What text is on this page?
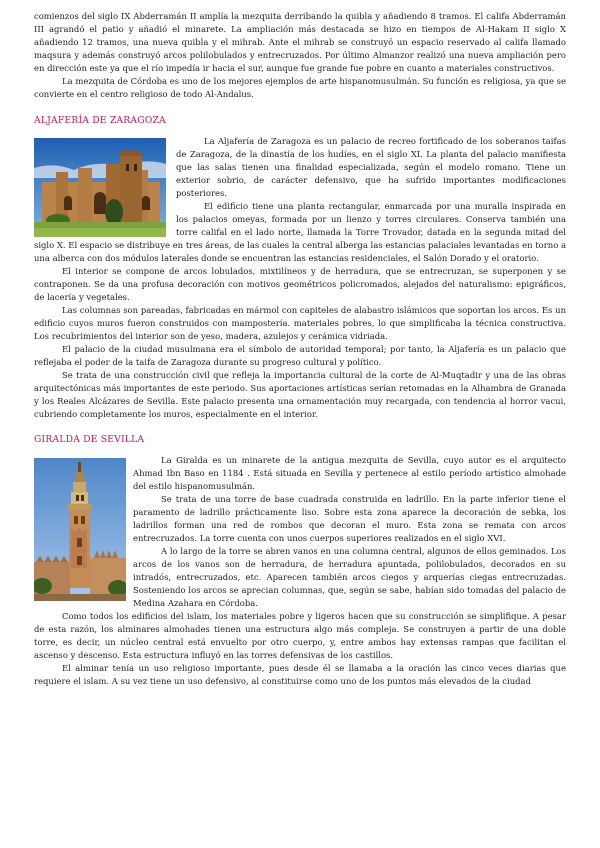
comienzos del siglo IX Abderramán II amplía la mezquita derribando la quibla y añadiendo 8 tramos. El califa Abderramán III agrandó el patio y añadió el minarete. La ampliación más destacada se hizo en tiempos de Al-Hakam II siglo X añadiendo 12 tramos, una nueva quibla y el mihrab. Ante el mihrab se construyó un espacio reservado al califa llamado maqsura y además construyó arcos polilobulados y entrecruzados. Por último Almanzor realizó una nueva ampliación pero en dirección este ya que el río impedía ir hacia el sur, aunque fue grande fue pobre en cuanto a materiales constructivos.

La mezquita de Córdoba es uno de los mejores ejemplos de arte hispanomusulmán. Su función es religiosa, ya que se convierte en el centro religioso de todo Al-Andalus.

ALJAFERÍA DE ZARAGOZA

La Aljafería de Zaragoza es un palacio de recreo fortificado de los soberanos taifas de Zaragoza, de la dinastía de los hudíes, en el siglo XI. La planta del palacio manifiesta que las salas tienen una finalidad especializada, según el modelo romano. Tiene un exterior sobrio, de carácter defensivo, que ha sufrido importantes modificaciones posteriores.

El edificio tiene una planta rectangular, enmarcada por una muralla inspirada en los palacios omeyas, formada por un lienzo y torres circulares. Conserva también una torre califal en el lado norte, llamada la Torre Trovador, datada en la segunda mitad del siglo X. El espacio se distribuye en tres áreas, de las cuales la central alberga las estancias palaciales levantadas en torno a una alberca con dos módulos laterales donde se encuentran las estancias residenciales, el Salón Dorado y el oratorio.

El interior se compone de arcos lobulados, mixtilíneos y de herradura, que se entrecruzan, se superponen y se contraponen. Se da una profusa decoración con motivos geométricos policromados, alejados del naturalismo: epigráficos, de lacería y vegetales.

Las columnas son pareadas, fabricadas en mármol con capiteles de alabastro islámicos que soportan los arcos. Es un edificio cuyos muros fueron construidos con mampostería. materiales pobres, lo que simplificaba la técnica constructiva. Los recubrimientos del interior son de yeso, madera, azulejos y cerámica vidriada.

El palacio de la ciudad musulmana era el símbolo de autoridad temporal; por tanto, la Aljafería es un palacio que reflejaba el poder de la taifa de Zaragoza durante su progreso cultural y político.

Se trata de una construcción civil que refleja la importancia cultural de la corte de Al-Muqtadir y una de las obras arquitectónicas más importantes de este periodo. Sus aportaciones artísticas serían retomadas en la Alhambra de Granada y los Reales Alcázares de Sevilla. Este palacio presenta una ornamentación muy recargada, con tendencia al horror vacui, cubriendo completamente los muros, especialmente en el interior.

GIRALDA DE SEVILLA

La Giralda es un minarete de la antigua mezquita de Sevilla, cuyo autor es el arquitecto Ahmad Ibn Baso en 1184 . Está situada en Sevilla y pertenece al estilo período artístico almohade del estilo hispanomusulmán.

Se trata de una torre de base cuadrada construida en ladrillo. En la parte inferior tiene el paramento de ladrillo prácticamente liso. Sobre esta zona aparece la decoración de sebka, los ladrillos forman una red de rombos que decoran el muro. Esta zona se remata con arcos entrecruzados. La torre cuenta con unos cuerpos superiores realizados en el siglo XVI.

A lo largo de la torre se abren vanos en una columna central, algunos de ellos geminados. Los arcos de los vanos son de herradura, de herradura apuntada, polilobulados, decorados en su intradós, entrecruzados, etc. Aparecen también arcos ciegos y arquerías ciegas entrecruzadas. Sosteniendo los arcos se aprecian columnas, que, según se sabe, habían sido tomadas del palacio de Medina Azahara en Córdoba.

Como todos los edificios del islam, los materiales pobre y ligeros hacen que su construcción se simplifique. A pesar de esta razón, los alminares almohades tienen una estructura algo más compleja. Se construyen a partir de una doble torre, es decir, un núcleo central está envuelto por otro cuerpo, y, entre ambos hay extensas rampas que facilitan el ascenso y descenso. Esta estructura influyó en las torres defensivas de los castillos.

El alminar tenía un uso religioso importante, pues desde él se llamaba a la oración las cinco veces diarias que requiere el islam. A su vez tiene un uso defensivo, al constituirse como uno de los puntos más elevados de la ciudad
